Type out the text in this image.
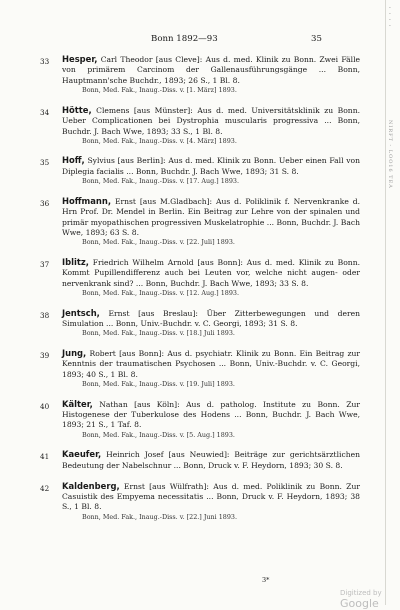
·
·
·
·
NIRFT - LOO16 TEA
Bonn 1892—93	35
33 Hesper, Carl Theodor [aus Cleve]: Aus d. med. Klinik zu Bonn. Zwei Fälle von primärem Carcinom der Gallenausführungsgänge ... Bonn, Hauptmann'sche Buchdr., 1893; 26 S., 1 Bl. 8.
Bonn, Med. Fak., Inaug.-Diss. v. [1. März] 1893.
34 Hötte, Clemens [aus Münster]: Aus d. med. Universitätsklinik zu Bonn. Ueber Complicationen bei Dystrophia muscularis progressiva ... Bonn, Buchdr. J. Bach Wwe, 1893; 33 S., 1 Bl. 8.
Bonn, Med. Fak., Inaug.-Diss. v. [4. März] 1893.
35 Hoff, Sylvius [aus Berlin]: Aus d. med. Klinik zu Bonn. Ueber einen Fall von Diplegia facialis ... Bonn, Buchdr. J. Bach Wwe, 1893; 31 S. 8.
Bonn, Med. Fak., Inaug.-Diss. v. [17. Aug.] 1893.
36 Hoffmann, Ernst [aus M.Gladbach]: Aus d. Poliklinik f. Nervenkranke d. Hrn Prof. Dr. Mendel in Berlin. Ein Beitrag zur Lehre von der spinalen und primär myopathischen progressiven Muskelatrophie ... Bonn, Buchdr. J. Bach Wwe, 1893; 63 S. 8.
Bonn, Med. Fak., Inaug.-Diss. v. [22. Juli] 1893.
37 Iblitz, Friedrich Wilhelm Arnold [aus Bonn]: Aus d. med. Klinik zu Bonn. Kommt Pupillendifferenz auch bei Leuten vor, welche nicht augen- oder nervenkrank sind? ... Bonn, Buchdr. J. Bach Wwe, 1893; 33 S. 8.
Bonn, Med. Fak., Inaug.-Diss. v. [12. Aug.] 1893.
38 Jentsch, Ernst [aus Breslau]: Über Zitterbewegungen und deren Simulation ... Bonn, Univ.-Buchdr. v. C. Georgi, 1893; 31 S. 8.
Bonn, Med. Fak., Inaug.-Diss. v. [18.] Juli 1893.
39 Jung, Robert [aus Bonn]: Aus d. psychiatr. Klinik zu Bonn. Ein Beitrag zur Kenntnis der traumatischen Psychosen ... Bonn, Univ.-Buchdr. v. C. Georgi, 1893; 40 S., 1 Bl. 8.
Bonn, Med. Fak., Inaug.-Diss. v. [19. Juli] 1893.
40 Kälter, Nathan [aus Köln]: Aus d. patholog. Institute zu Bonn. Zur Histogenese der Tuberkulose des Hodens ... Bonn, Buchdr. J. Bach Wwe, 1893; 21 S., 1 Taf. 8.
Bonn, Med. Fak., Inaug.-Diss. v. [5. Aug.] 1893.
41 Kaeufer, Heinrich Josef [aus Neuwied]: Beiträge zur gerichtsärztlichen Bedeutung der Nabelschnur ... Bonn, Druck v. F. Heydorn, 1893; 30 S. 8.
42 Kaldenberg, Ernst [aus Wülfrath]: Aus d. med. Poliklinik zu Bonn. Zur Casuistik des Empyema necessitatis ... Bonn, Druck v. F. Heydorn, 1893; 38 S., 1 Bl. 8.
Bonn, Med. Fak., Inaug.-Diss. v. [22.] Juni 1893.
3*
Digitized by Google
